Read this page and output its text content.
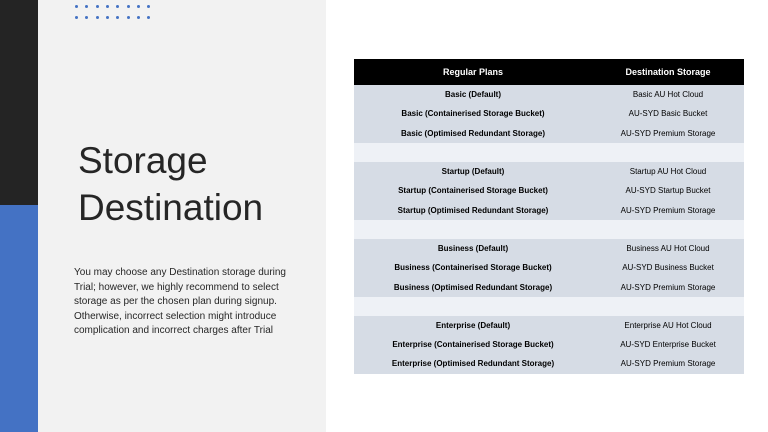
Storage Destination

You may choose any Destination storage during Trial; however, we highly recommend to select storage as per the chosen plan during signup. Otherwise, incorrect selection might introduce complication and incorrect charges after Trial

Regular Plans	Destination Storage
Basic (Default)	Basic AU Hot Cloud
Basic (Containerised Storage Bucket)	AU-SYD Basic Bucket
Basic (Optimised Redundant Storage)	AU-SYD Premium Storage
Startup (Default)	Startup AU Hot Cloud
Startup (Containerised Storage Bucket)	AU-SYD Startup Bucket
Startup (Optimised Redundant Storage)	AU-SYD Premium Storage
Business (Default)	Business AU Hot Cloud
Business (Containerised Storage Bucket)	AU-SYD Business Bucket
Business (Optimised Redundant Storage)	AU-SYD Premium Storage
Enterprise (Default)	Enterprise AU Hot Cloud
Enterprise (Containerised Storage Bucket)	AU-SYD Enterprise Bucket
Enterprise (Optimised Redundant Storage)	AU-SYD Premium Storage
